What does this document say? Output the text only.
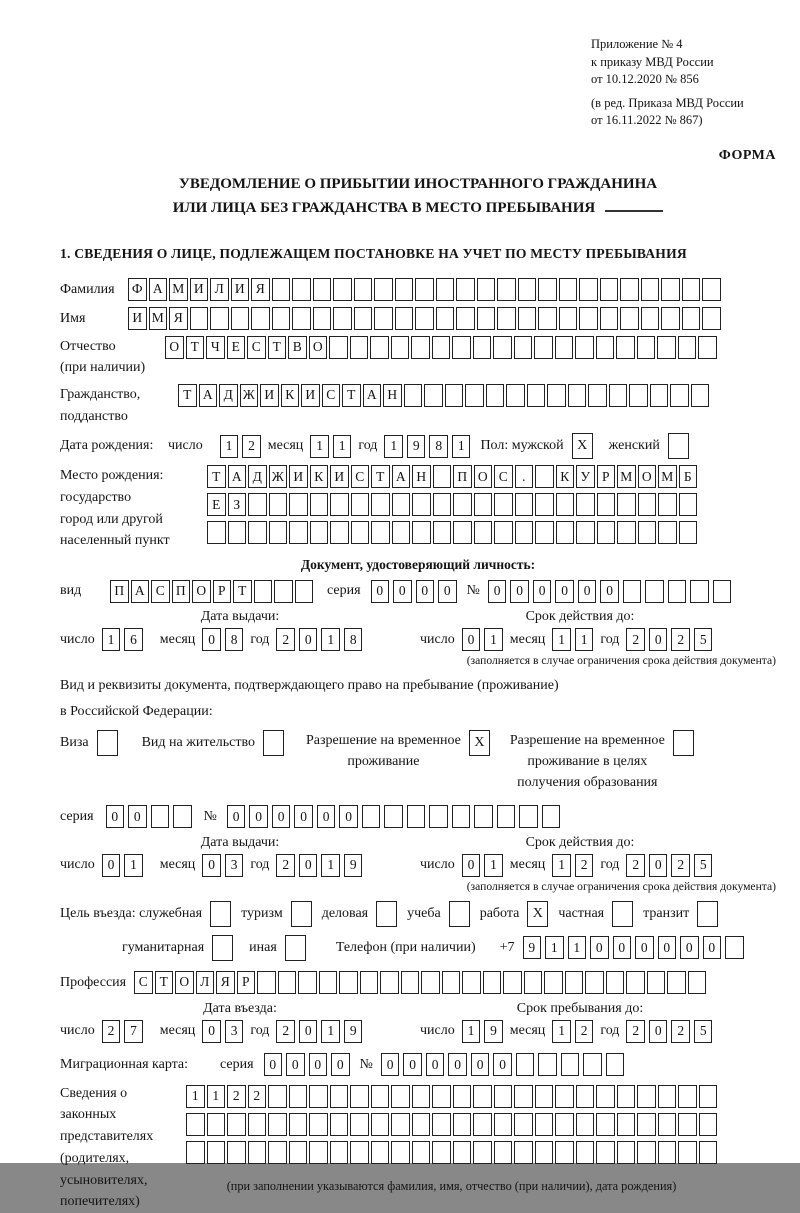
Приложение № 4
к приказу МВД России
от 10.12.2020 № 856
(в ред. Приказа МВД России
от 16.11.2022 № 867)
ФОРМА
УВЕДОМЛЕНИЕ О ПРИБЫТИИ ИНОСТРАННОГО ГРАЖДАНИНА
ИЛИ ЛИЦА БЕЗ ГРАЖДАНСТВА В МЕСТО ПРЕБЫВАНИЯ
1. СВЕДЕНИЯ О ЛИЦЕ, ПОДЛЕЖАЩЕМ ПОСТАНОВКЕ НА УЧЕТ ПО МЕСТУ ПРЕБЫВАНИЯ
Фамилия	Ф А М И Л И Я
Имя	И М Я
Отчество
(при наличии)
О Т Ч Е С Т В О
Гражданство,
подданство
Т А Д Ж И К И С Т А Н
Дата рождения:	число	1	2 месяц 1	1 год 1	9	8	1	Пол: мужской X	женский
Место рождения:
государство
город или другой
населенный пункт
Т А Д Ж И К И С Т А Н	П О С	.	К У Р М О М Б
Е З
Документ, удостоверяющий личность:
вид	П А С П О Р Т	серия	0	0	0	0	№	0	0	0	0	0	0
Дата выдачи:	Срок действия до:
число 1	6	месяц 0	8 год 2	0	1	8	число 0	1 месяц 1	1 год 2	0	2	5
(заполняется в случае ограничения срока действия документа)
Вид и реквизиты документа, подтверждающего право на пребывание (проживание)
в Российской Федерации:
Виза	Вид на жительство	Разрешение на временное
проживание
X	Разрешение на временное
проживание в целях
получения образования
серия	0	0	№	0	0	0	0	0	0
Дата выдачи:	Срок действия до:
число 0	1	месяц 0	3 год 2	0	1	9	число 0	1 месяц 1	2 год 2	0	2	5
(заполняется в случае ограничения срока действия документа)
Цель въезда: служебная	туризм	деловая	учеба	работа X	частная	транзит
гуманитарная	иная	Телефон (при наличии) +7	9	1	1	0	0	0	0	0	0
Профессия С Т О Л Я Р
Дата въезда:	Срок пребывания до:
число 2	7	месяц 0	3 год 2	0	1	9	число 1	9 месяц 1	2 год 2	0	2	5
Миграционная карта:	серия	0	0	0	0	№	0	0	0	0	0	0
Сведения о
законных
представителях
(родителях,
усыновителях,
попечителях)
1	1	2	2
(при заполнении указываются фамилия, имя, отчество (при наличии), дата рождения)
